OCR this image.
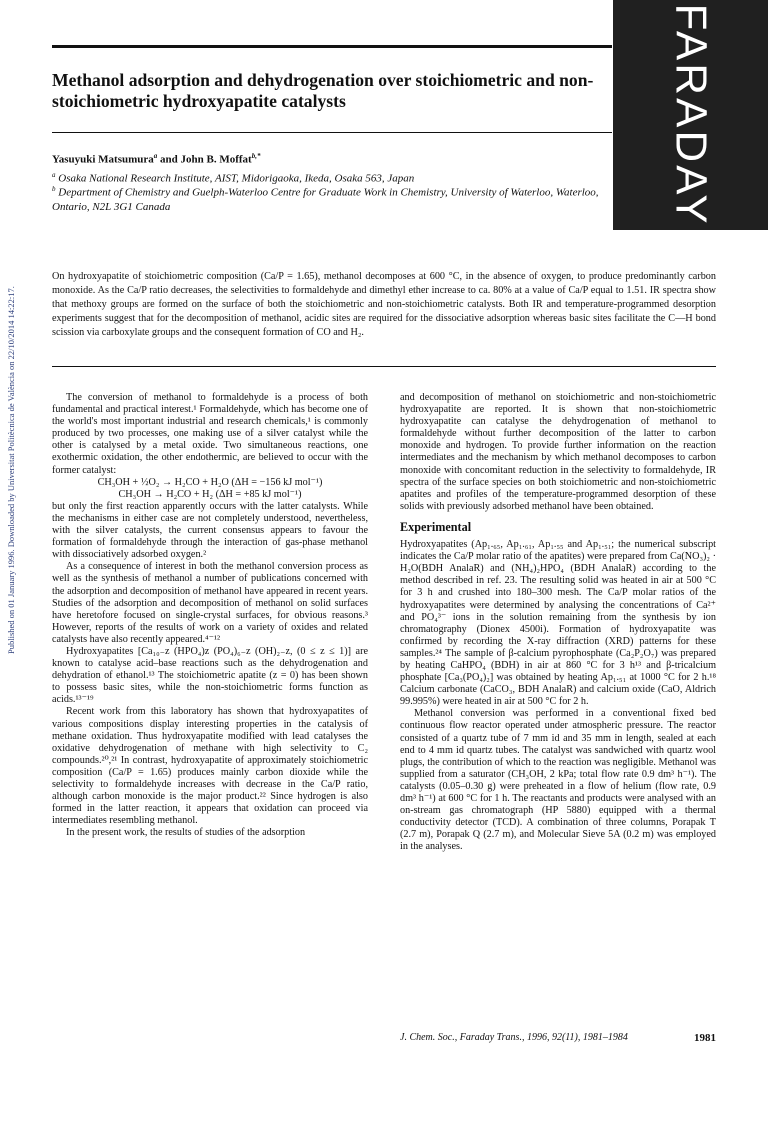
Published on 01 January 1996. Downloaded by Universitat Politècnica de València on 22/10/2014 14:22:17.
FARADAY
Methanol adsorption and dehydrogenation over stoichiometric and non-stoichiometric hydroxyapatite catalysts
Yasuyuki Matsumura$^a$ and John B. Moffat$^{b,*}$
$^a$ Osaka National Research Institute, AIST, Midorigaoka, Ikeda, Osaka 563, Japan
$^b$ Department of Chemistry and Guelph-Waterloo Centre for Graduate Work in Chemistry, University of Waterloo, Waterloo, Ontario, N2L 3G1 Canada

On hydroxyapatite of stoichiometric composition (Ca/P = 1.65), methanol decomposes at 600 °C, in the absence of oxygen, to produce predominantly carbon monoxide. As the Ca/P ratio decreases, the selectivities to formaldehyde and dimethyl ether increase to ca. 80% at a value of Ca/P equal to 1.51. IR spectra show that methoxy groups are formed on the surface of both the stoichiometric and non-stoichiometric catalysts. Both IR and temperature-programmed desorption experiments suggest that for the decomposition of methanol, acidic sites are required for the dissociative adsorption whereas basic sites facilitate the C—H bond scission via carboxylate groups and the consequent formation of CO and H₂.

The conversion of methanol to formaldehyde is a process of both fundamental and practical interest.¹ Formaldehyde, which has become one of the world's most important industrial and research chemicals,¹ is commonly produced by two processes, one making use of a silver catalyst while the other is catalysed by a metal oxide. Two simultaneous reactions, one exothermic oxidation, the other endothermic, are believed to occur with the former catalyst:

CH₃OH + ½O₂ → H₂CO + H₂O (ΔH = −156 kJ mol⁻¹)

CH₃OH → H₂CO + H₂ (ΔH = +85 kJ mol⁻¹)

but only the first reaction apparently occurs with the latter catalysts. While the mechanisms in either case are not completely understood, nevertheless, with the silver catalysts, the current consensus appears to favour the formation of formaldehyde through the interaction of gas-phase methanol with dissociatively adsorbed oxygen.²

As a consequence of interest in both the methanol conversion process as well as the synthesis of methanol a number of publications concerned with the adsorption and decomposition of methanol have appeared in recent years. Studies of the adsorption and decomposition of methanol on solid surfaces have heretofore focused on single-crystal surfaces, for obvious reasons.³ However, reports of the results of work on a variety of oxides and related catalysts have also recently appeared.⁴⁻¹²

Hydroxyapatites [Ca₁₀₋z (HPO₄)z (PO₄)₆₋z (OH)₂₋z, (0 ≤ z ≤ 1)] are known to catalyse acid–base reactions such as the dehydrogenation and dehydration of ethanol.¹³ The stoichiometric apatite (z = 0) has been shown to possess basic sites, while the non-stoichiometric forms function as acids.¹³⁻¹⁹

Recent work from this laboratory has shown that hydroxyapatites of various compositions display interesting properties in the catalysis of methane oxidation. Thus hydroxyapatite modified with lead catalyses the oxidative dehydrogenation of methane with high selectivity to C₂ compounds.²⁰,²¹ In contrast, hydroxyapatite of approximately stoichiometric composition (Ca/P = 1.65) produces mainly carbon dioxide while the selectivity to formaldehyde increases with decrease in the Ca/P ratio, although carbon monoxide is the major product.²² Since hydrogen is also formed in the latter reaction, it appears that oxidation can proceed via intermediates resembling methanol.

In the present work, the results of studies of the adsorption

and decomposition of methanol on stoichiometric and non-stoichiometric hydroxyapatite are reported. It is shown that non-stoichiometric hydroxyapatite can catalyse the dehydrogenation of methanol to formaldehyde without further decomposition of the latter to carbon monoxide and hydrogen. To provide further information on the reaction intermediates and the mechanism by which methanol decomposes to carbon monoxide with concomitant reduction in the selectivity to formaldehyde, IR spectra of the surface species on both stoichiometric and non-stoichiometric apatites and profiles of the temperature-programmed desorption of these solids with previously adsorbed methanol have been obtained.

Experimental

Hydroxyapatites (Ap₁.₆₅, Ap₁.₆₁, Ap₁.₅₅ and Ap₁.₅₁; the numerical subscript indicates the Ca/P molar ratio of the apatites) were prepared from Ca(NO₃)₂ · H₂O(BDH AnalaR) and (NH₄)₂HPO₄ (BDH AnalaR) according to the method described in ref. 23. The resulting solid was heated in air at 500 °C for 3 h and crushed into 180–300 mesh. The Ca/P molar ratios of the hydroxyapatites were determined by analysing the concentrations of Ca²⁺ and PO₄³⁻ ions in the solution remaining from the synthesis by ion chromatography (Dionex 4500i). Formation of hydroxyapatite was confirmed by recording the X-ray diffraction (XRD) patterns for these samples.²⁴ The sample of β-calcium pyrophosphate (Ca₂P₂O₇) was prepared by heating CaHPO₄ (BDH) in air at 860 °C for 3 h¹³ and β-tricalcium phosphate [Ca₃(PO₄)₂] was obtained by heating Ap₁.₅₁ at 1000 °C for 2 h.¹⁸ Calcium carbonate (CaCO₃, BDH AnalaR) and calcium oxide (CaO, Aldrich 99.995%) were heated in air at 500 °C for 2 h.

Methanol conversion was performed in a conventional fixed bed continuous flow reactor operated under atmospheric pressure. The reactor consisted of a quartz tube of 7 mm id and 35 mm in length, sealed at each end to 4 mm id quartz tubes. The catalyst was sandwiched with quartz wool plugs, the contribution of which to the reaction was negligible. Methanol was supplied from a saturator (CH₃OH, 2 kPa; total flow rate 0.9 dm³ h⁻¹). The catalysts (0.05–0.30 g) were preheated in a flow of helium (flow rate, 0.9 dm³ h⁻¹) at 600 °C for 1 h. The reactants and products were analysed with an on-stream gas chromatograph (HP 5880) equipped with a thermal conductivity detector (TCD). A combination of three columns, Porapak T (2.7 m), Porapak Q (2.7 m), and Molecular Sieve 5A (0.2 m) was employed in the analyses.

J. Chem. Soc., Faraday Trans., 1996, 92(11), 1981–1984	1981
